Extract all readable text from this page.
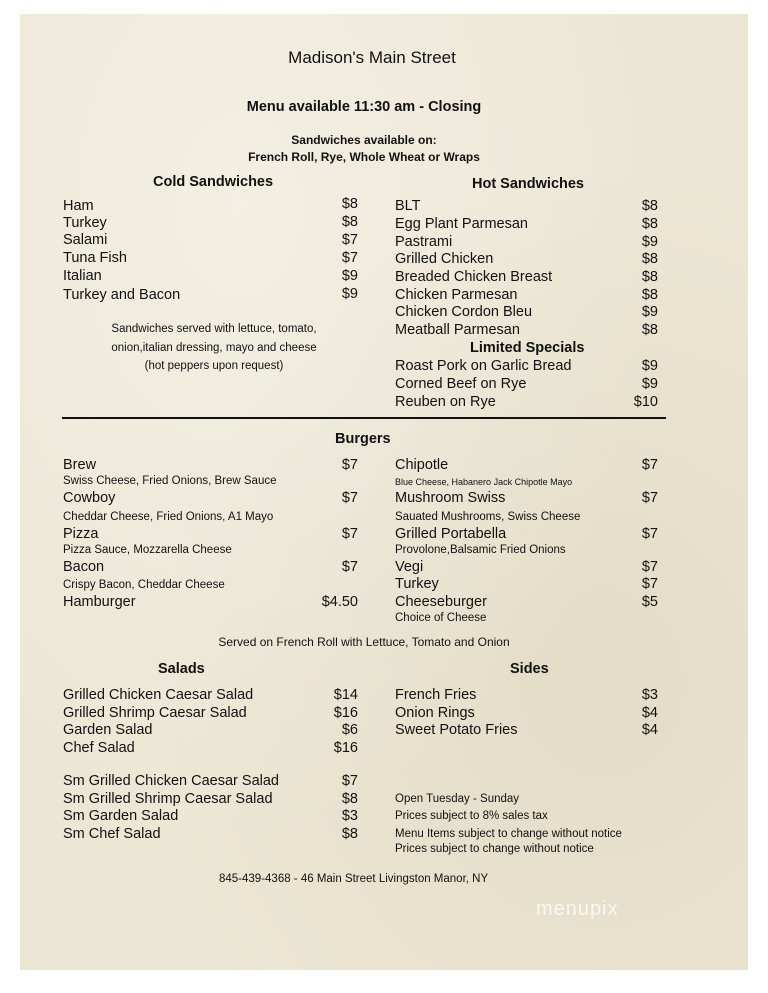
Madison's Main Street
Menu available 11:30 am - Closing
Sandwiches available on:
French Roll, Rye, Whole Wheat or Wraps
Cold Sandwiches
Ham	$8
Turkey	$8
Salami	$7
Tuna Fish	$7
Italian	$9
Turkey and Bacon	$9
Sandwiches served with lettuce, tomato,
onion,italian dressing, mayo and cheese
(hot peppers upon request)
Hot Sandwiches
BLT	$8
Egg Plant Parmesan	$8
Pastrami	$9
Grilled Chicken	$8
Breaded Chicken Breast	$8
Chicken Parmesan	$8
Chicken Cordon Bleu	$9
Meatball Parmesan	$8
Limited Specials
Roast Pork on Garlic Bread	$9
Corned Beef on Rye	$9
Reuben on Rye	$10
Burgers
Brew	$7
Swiss Cheese, Fried Onions, Brew Sauce
Cowboy	$7
Cheddar Cheese, Fried Onions, A1 Mayo
Pizza	$7
Pizza Sauce, Mozzarella Cheese
Bacon	$7
Crispy Bacon, Cheddar Cheese
Hamburger	$4.50
Chipotle	$7
Blue Cheese, Habanero Jack Chipotle Mayo
Mushroom Swiss	$7
Sauated Mushrooms, Swiss Cheese
Grilled Portabella	$7
Provolone,Balsamic Fried Onions
Vegi	$7
Turkey	$7
Cheeseburger	$5
Choice of Cheese
Served on French Roll with Lettuce, Tomato and Onion
Salads
Grilled Chicken Caesar Salad	$14
Grilled Shrimp Caesar Salad	$16
Garden Salad	$6
Chef Salad	$16
Sm Grilled Chicken Caesar Salad	$7
Sm Grilled Shrimp Caesar Salad	$8
Sm Garden Salad	$3
Sm Chef Salad	$8
Sides
French Fries	$3
Onion Rings	$4
Sweet Potato Fries	$4
Open Tuesday - Sunday
Prices subject to 8% sales tax
Menu Items subject to change without notice
Prices subject to change without notice
845-439-4368 - 46 Main Street Livingston Manor, NY
menupix
